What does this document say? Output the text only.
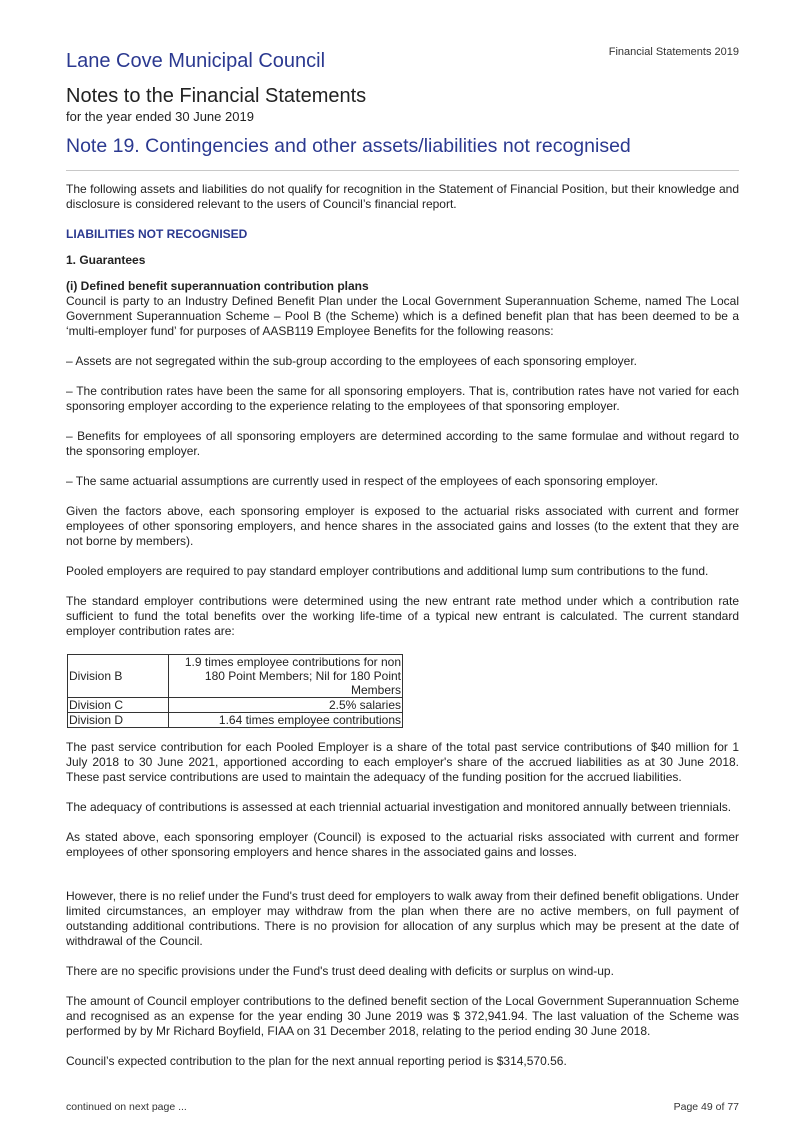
Financial Statements 2019
Lane Cove Municipal Council
Notes to the Financial Statements
for the year ended 30 June 2019
Note 19. Contingencies and other assets/liabilities not recognised

The following assets and liabilities do not qualify for recognition in the Statement of Financial Position, but their knowledge and disclosure is considered relevant to the users of Council’s financial report.

LIABILITIES NOT RECOGNISED

1. Guarantees

(i) Defined benefit superannuation contribution plans
Council is party to an Industry Defined Benefit Plan under the Local Government Superannuation Scheme, named The Local Government Superannuation Scheme – Pool B (the Scheme) which is a defined benefit plan that has been deemed to be a ‘multi-employer fund’ for purposes of AASB119 Employee Benefits for the following reasons:

– Assets are not segregated within the sub-group according to the employees of each sponsoring employer.

– The contribution rates have been the same for all sponsoring employers. That is, contribution rates have not varied for each sponsoring employer according to the experience relating to the employees of that sponsoring employer.

– Benefits for employees of all sponsoring employers are determined according to the same formulae and without regard to the sponsoring employer.

– The same actuarial assumptions are currently used in respect of the employees of each sponsoring employer.

Given the factors above, each sponsoring employer is exposed to the actuarial risks associated with current and former employees of other sponsoring employers, and hence shares in the associated gains and losses (to the extent that they are not borne by members).

Pooled employers are required to pay standard employer contributions and additional lump sum contributions to the fund.

The standard employer contributions were determined using the new entrant rate method under which a contribution rate sufficient to fund the total benefits over the working life-time of a typical new entrant is calculated. The current standard employer contribution rates are:

Division B	1.9 times employee contributions for non 180 Point Members; Nil for 180 Point Members
Division C	2.5% salaries
Division D	1.64 times employee contributions

The past service contribution for each Pooled Employer is a share of the total past service contributions of $40 million for 1 July 2018 to 30 June 2021, apportioned according to each employer's share of the accrued liabilities as at 30 June 2018. These past service contributions are used to maintain the adequacy of the funding position for the accrued liabilities.

The adequacy of contributions is assessed at each triennial actuarial investigation and monitored annually between triennials.

As stated above, each sponsoring employer (Council) is exposed to the actuarial risks associated with current and former employees of other sponsoring employers and hence shares in the associated gains and losses.

However, there is no relief under the Fund's trust deed for employers to walk away from their defined benefit obligations. Under limited circumstances, an employer may withdraw from the plan when there are no active members, on full payment of outstanding additional contributions. There is no provision for allocation of any surplus which may be present at the date of withdrawal of the Council.

There are no specific provisions under the Fund's trust deed dealing with deficits or surplus on wind-up.

The amount of Council employer contributions to the defined benefit section of the Local Government Superannuation Scheme and recognised as an expense for the year ending 30 June 2019 was $ 372,941.94. The last valuation of the Scheme was performed by by Mr Richard Boyfield, FIAA on 31 December 2018, relating to the period ending 30 June 2018.

Council’s expected contribution to the plan for the next annual reporting period is $314,570.56.

continued on next page ...	Page 49 of 77
